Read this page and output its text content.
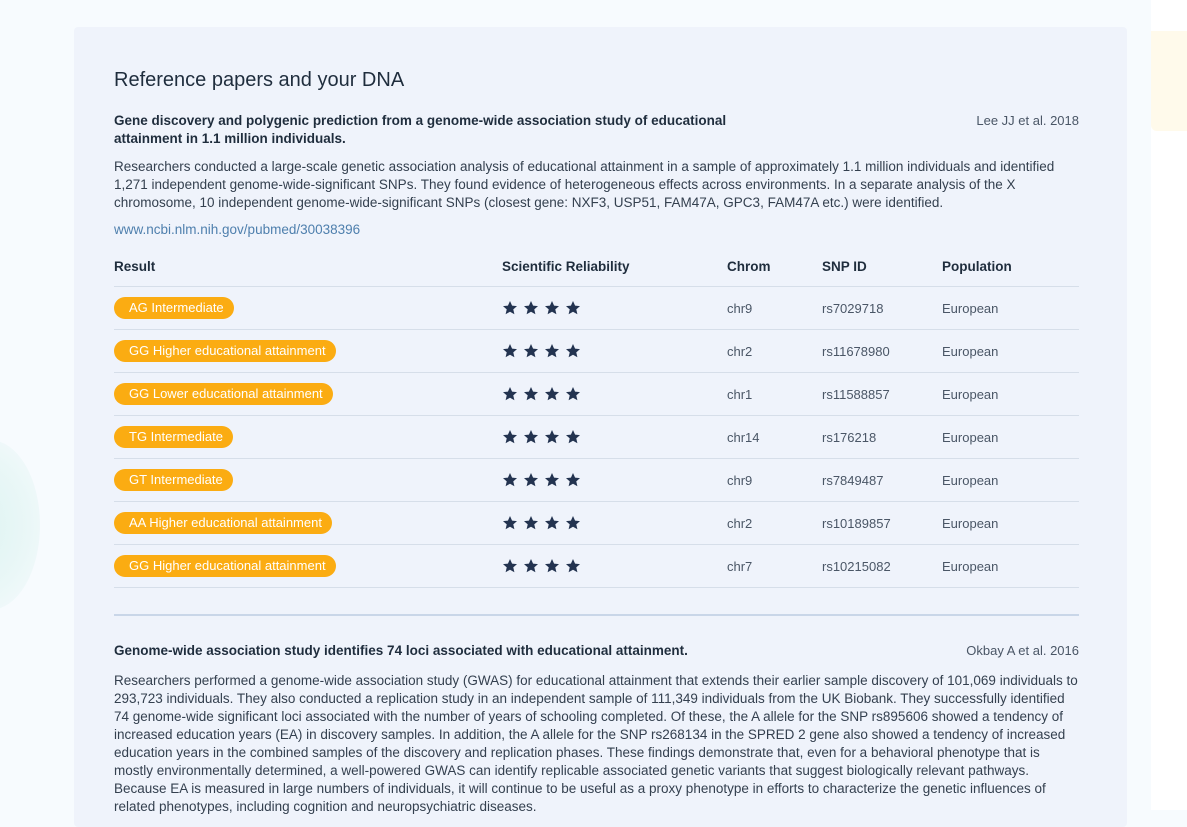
Reference papers and your DNA
Gene discovery and polygenic prediction from a genome-wide association study of educational attainment in 1.1 million individuals.
Lee JJ et al. 2018

Researchers conducted a large-scale genetic association analysis of educational attainment in a sample of approximately 1.1 million individuals and identified 1,271 independent genome-wide-significant SNPs. They found evidence of heterogeneous effects across environments. In a separate analysis of the X chromosome, 10 independent genome-wide-significant SNPs (closest gene: NXF3, USP51, FAM47A, GPC3, FAM47A etc.) were identified.

www.ncbi.nlm.nih.gov/pubmed/30038396
Result	Scientific Reliability	Chrom	SNP ID	Population
AG Intermediate		chr9	rs7029718	European
GG Higher educational attainment		chr2	rs11678980	European
GG Lower educational attainment		chr1	rs11588857	European
TG Intermediate		chr14	rs176218	European
GT Intermediate		chr9	rs7849487	European
AA Higher educational attainment		chr2	rs10189857	European
GG Higher educational attainment		chr7	rs10215082	European
Genome-wide association study identifies 74 loci associated with educational attainment.	Okbay A et al. 2016

Researchers performed a genome-wide association study (GWAS) for educational attainment that extends their earlier sample discovery of 101,069 individuals to 293,723 individuals. They also conducted a replication study in an independent sample of 111,349 individuals from the UK Biobank. They successfully identified 74 genome-wide significant loci associated with the number of years of schooling completed. Of these, the A allele for the SNP rs895606 showed a tendency of increased education years (EA) in discovery samples. In addition, the A allele for the SNP rs268134 in the SPRED 2 gene also showed a tendency of increased education years in the combined samples of the discovery and replication phases. These findings demonstrate that, even for a behavioral phenotype that is mostly environmentally determined, a well-powered GWAS can identify replicable associated genetic variants that suggest biologically relevant pathways. Because EA is measured in large numbers of individuals, it will continue to be useful as a proxy phenotype in efforts to characterize the genetic influences of related phenotypes, including cognition and neuropsychiatric diseases.
